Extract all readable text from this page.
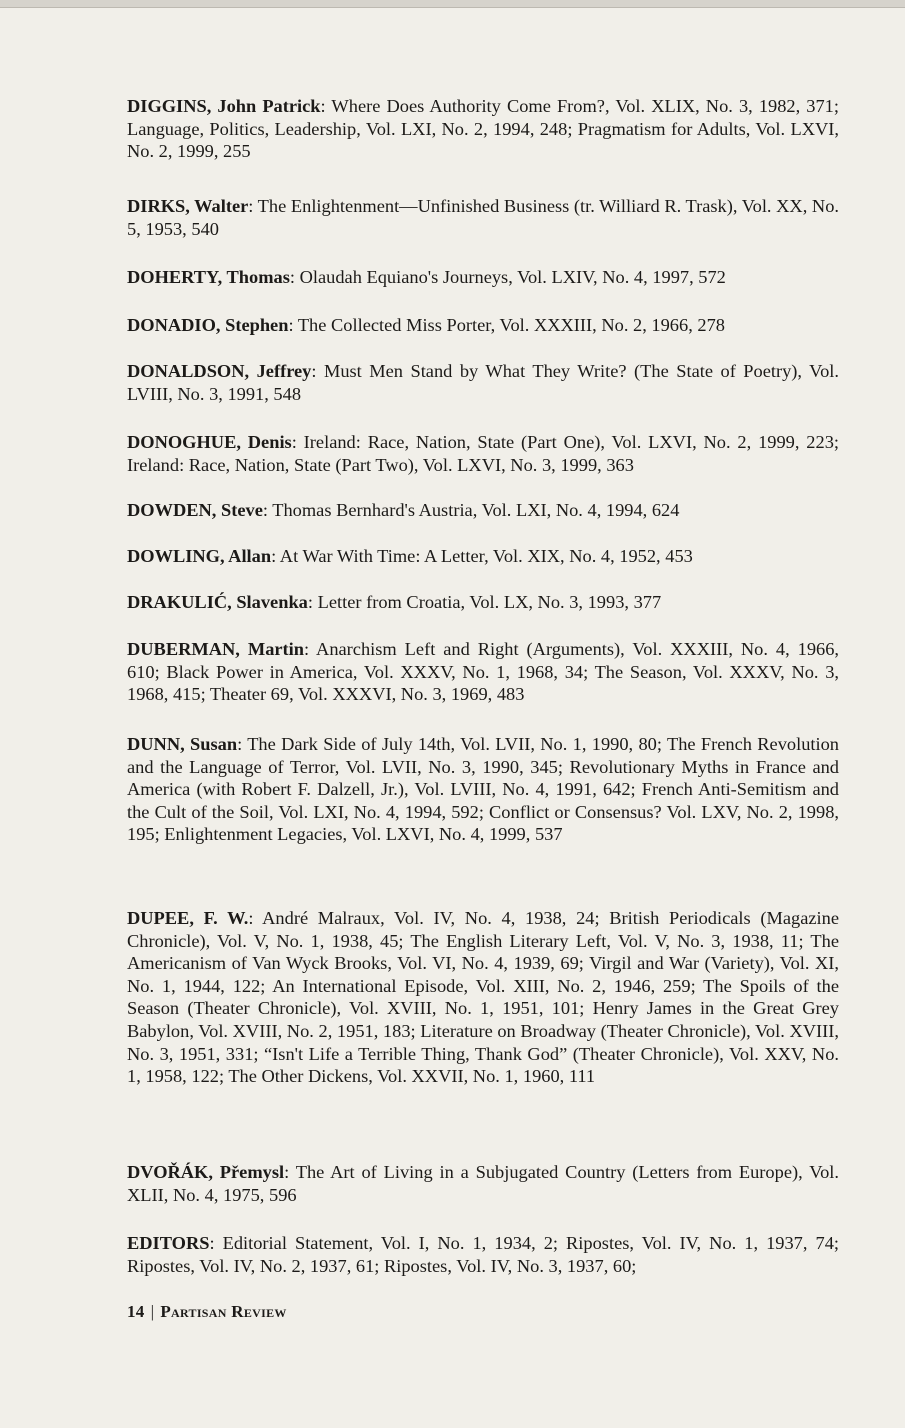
DIGGINS, John Patrick: Where Does Authority Come From?, Vol. XLIX, No. 3, 1982, 371; Language, Politics, Leadership, Vol. LXI, No. 2, 1994, 248; Pragmatism for Adults, Vol. LXVI, No. 2, 1999, 255

DIRKS, Walter: The Enlightenment—Unfinished Business (tr. Williard R. Trask), Vol. XX, No. 5, 1953, 540

DOHERTY, Thomas: Olaudah Equiano's Journeys, Vol. LXIV, No. 4, 1997, 572

DONADIO, Stephen: The Collected Miss Porter, Vol. XXXIII, No. 2, 1966, 278

DONALDSON, Jeffrey: Must Men Stand by What They Write? (The State of Poetry), Vol. LVIII, No. 3, 1991, 548

DONOGHUE, Denis: Ireland: Race, Nation, State (Part One), Vol. LXVI, No. 2, 1999, 223; Ireland: Race, Nation, State (Part Two), Vol. LXVI, No. 3, 1999, 363

DOWDEN, Steve: Thomas Bernhard's Austria, Vol. LXI, No. 4, 1994, 624

DOWLING, Allan: At War With Time: A Letter, Vol. XIX, No. 4, 1952, 453

DRAKULIĆ, Slavenka: Letter from Croatia, Vol. LX, No. 3, 1993, 377

DUBERMAN, Martin: Anarchism Left and Right (Arguments), Vol. XXXIII, No. 4, 1966, 610; Black Power in America, Vol. XXXV, No. 1, 1968, 34; The Season, Vol. XXXV, No. 3, 1968, 415; Theater 69, Vol. XXXVI, No. 3, 1969, 483

DUNN, Susan: The Dark Side of July 14th, Vol. LVII, No. 1, 1990, 80; The French Revolution and the Language of Terror, Vol. LVII, No. 3, 1990, 345; Revolutionary Myths in France and America (with Robert F. Dalzell, Jr.), Vol. LVIII, No. 4, 1991, 642; French Anti-Semitism and the Cult of the Soil, Vol. LXI, No. 4, 1994, 592; Conflict or Consensus? Vol. LXV, No. 2, 1998, 195; Enlightenment Legacies, Vol. LXVI, No. 4, 1999, 537

DUPEE, F. W.: André Malraux, Vol. IV, No. 4, 1938, 24; British Periodicals (Magazine Chronicle), Vol. V, No. 1, 1938, 45; The English Literary Left, Vol. V, No. 3, 1938, 11; The Americanism of Van Wyck Brooks, Vol. VI, No. 4, 1939, 69; Virgil and War (Variety), Vol. XI, No. 1, 1944, 122; An International Episode, Vol. XIII, No. 2, 1946, 259; The Spoils of the Season (Theater Chronicle), Vol. XVIII, No. 1, 1951, 101; Henry James in the Great Grey Babylon, Vol. XVIII, No. 2, 1951, 183; Literature on Broadway (Theater Chronicle), Vol. XVIII, No. 3, 1951, 331; “Isn't Life a Terrible Thing, Thank God” (Theater Chronicle), Vol. XXV, No. 1, 1958, 122; The Other Dickens, Vol. XXVII, No. 1, 1960, 111

DVOŘÁK, Přemysl: The Art of Living in a Subjugated Country (Letters from Europe), Vol. XLII, No. 4, 1975, 596

EDITORS: Editorial Statement, Vol. I, No. 1, 1934, 2; Ripostes, Vol. IV, No. 1, 1937, 74; Ripostes, Vol. IV, No. 2, 1937, 61; Ripostes, Vol. IV, No. 3, 1937, 60;

14 | Partisan Review
